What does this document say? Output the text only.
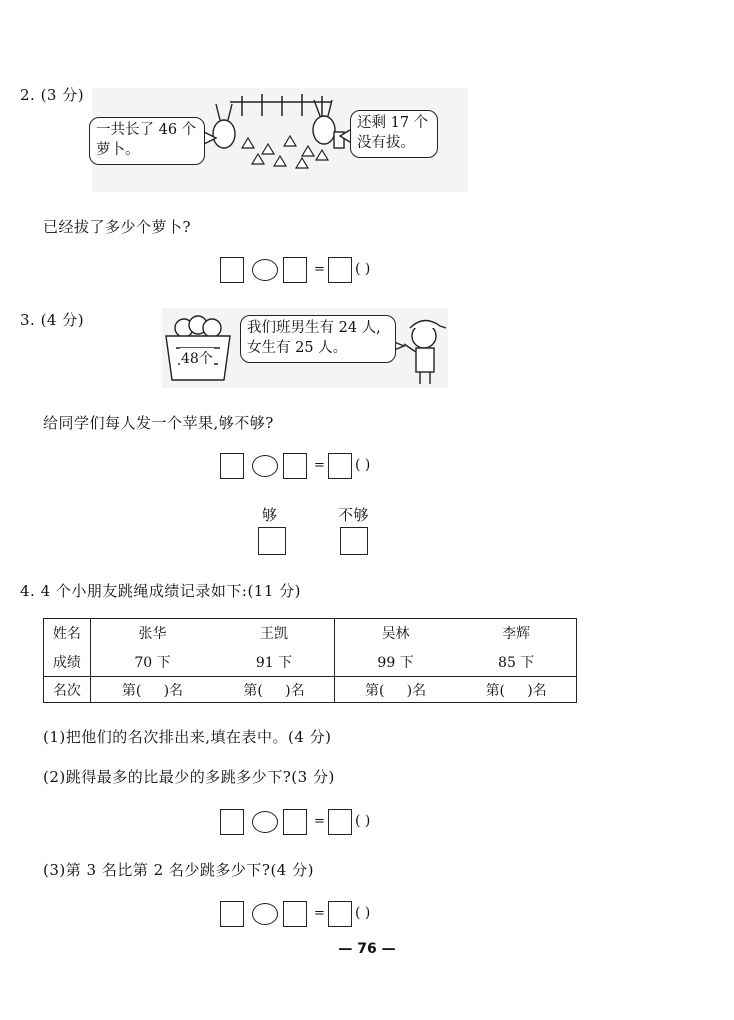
2. (3 分)
一共长了 46 个萝卜。
还剩 17 个没有拔。
已经拔了多少个萝卜?
= ( )
3. (4 分)
48个
我们班男生有 24 人,女生有 25 人。
给同学们每人发一个苹果,够不够?
= ( )
够	不够
4. 4 个小朋友跳绳成绩记录如下:(11 分)
姓名	张华	王凯	吴林	李辉
成绩	70 下	91 下	99 下	85 下
名次	第(     )名	第(     )名	第(     )名	第(     )名
(1)把他们的名次排出来,填在表中。(4 分)
(2)跳得最多的比最少的多跳多少下?(3 分)
= ( )
(3)第 3 名比第 2 名少跳多少下?(4 分)
= ( )
— 76 —
